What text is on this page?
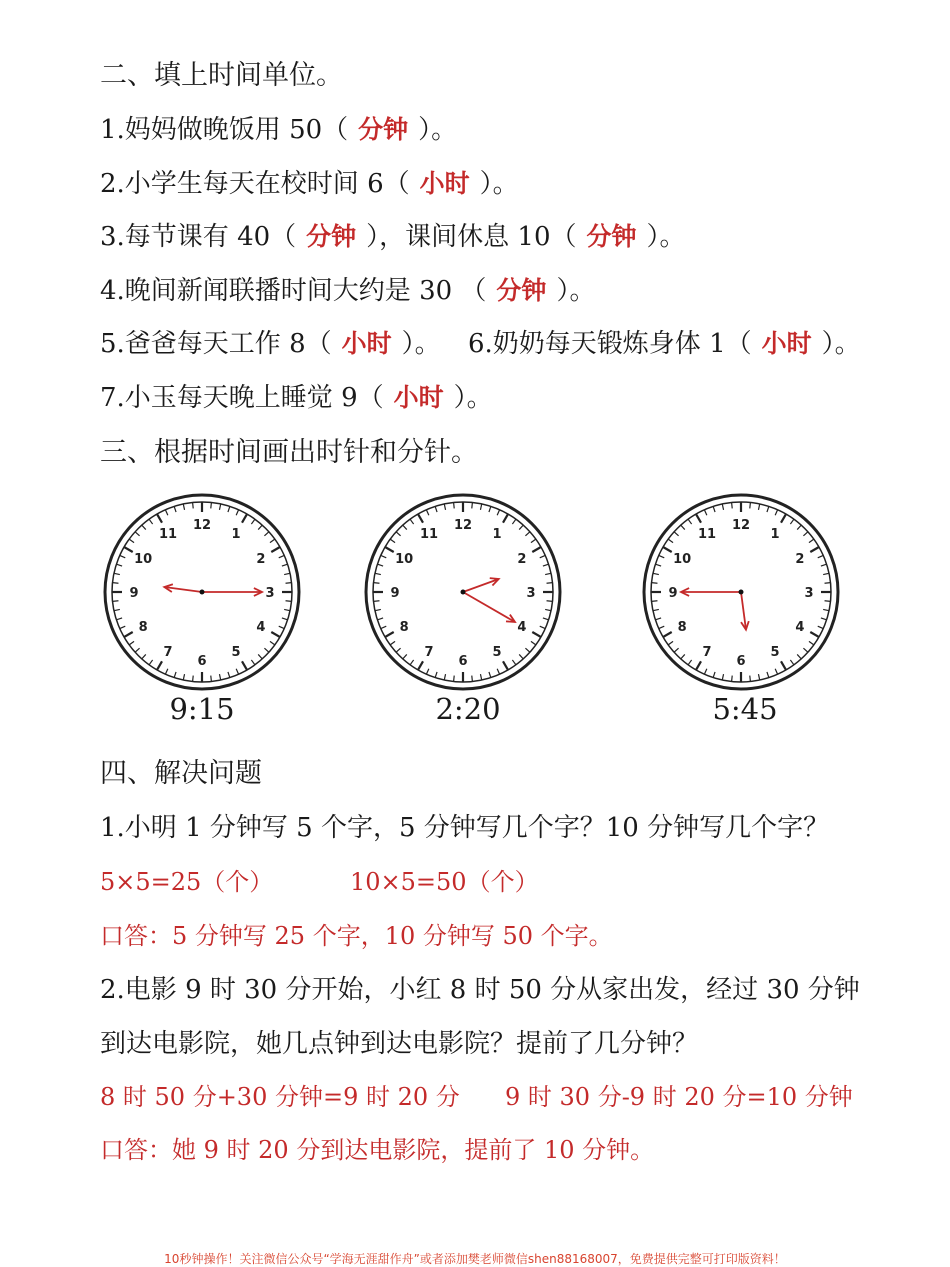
二、填上时间单位。
1.妈妈做晚饭用 50（ 分钟 ）。
2.小学生每天在校时间 6（ 小时 ）。
3.每节课有 40（ 分钟 ），课间休息 10（ 分钟 ）。
4.晚间新闻联播时间大约是 30 （ 分钟 ）。
5.爸爸每天工作 8（ 小时 ）。 6.奶奶每天锻炼身体 1（ 小时 ）。
7.小玉每天晚上睡觉 9（ 小时 ）。
三、根据时间画出时针和分针。
12
1
2
3
4
5
6
7
8
9
10
11
12
1
2
3
4
5
6
7
8
9
10
11
12
1
2
3
4
5
6
7
8
9
10
11
9:15	2:20	5:45
四、解决问题
1.小明 1 分钟写 5 个字，5 分钟写几个字？10 分钟写几个字？
5×5=25（个）	10×5=50（个）
口答：5 分钟写 25 个字，10 分钟写 50 个字。
2.电影 9 时 30 分开始，小红 8 时 50 分从家出发，经过 30 分钟
到达电影院，她几点钟到达电影院？提前了几分钟？
8 时 50 分+30 分钟=9 时 20 分 9 时 30 分-9 时 20 分=10 分钟
口答：她 9 时 20 分到达电影院，提前了 10 分钟。
10秒钟操作！关注微信公众号“学海无涯甜作舟”或者添加樊老师微信shen88168007，免费提供完整可打印版资料！
